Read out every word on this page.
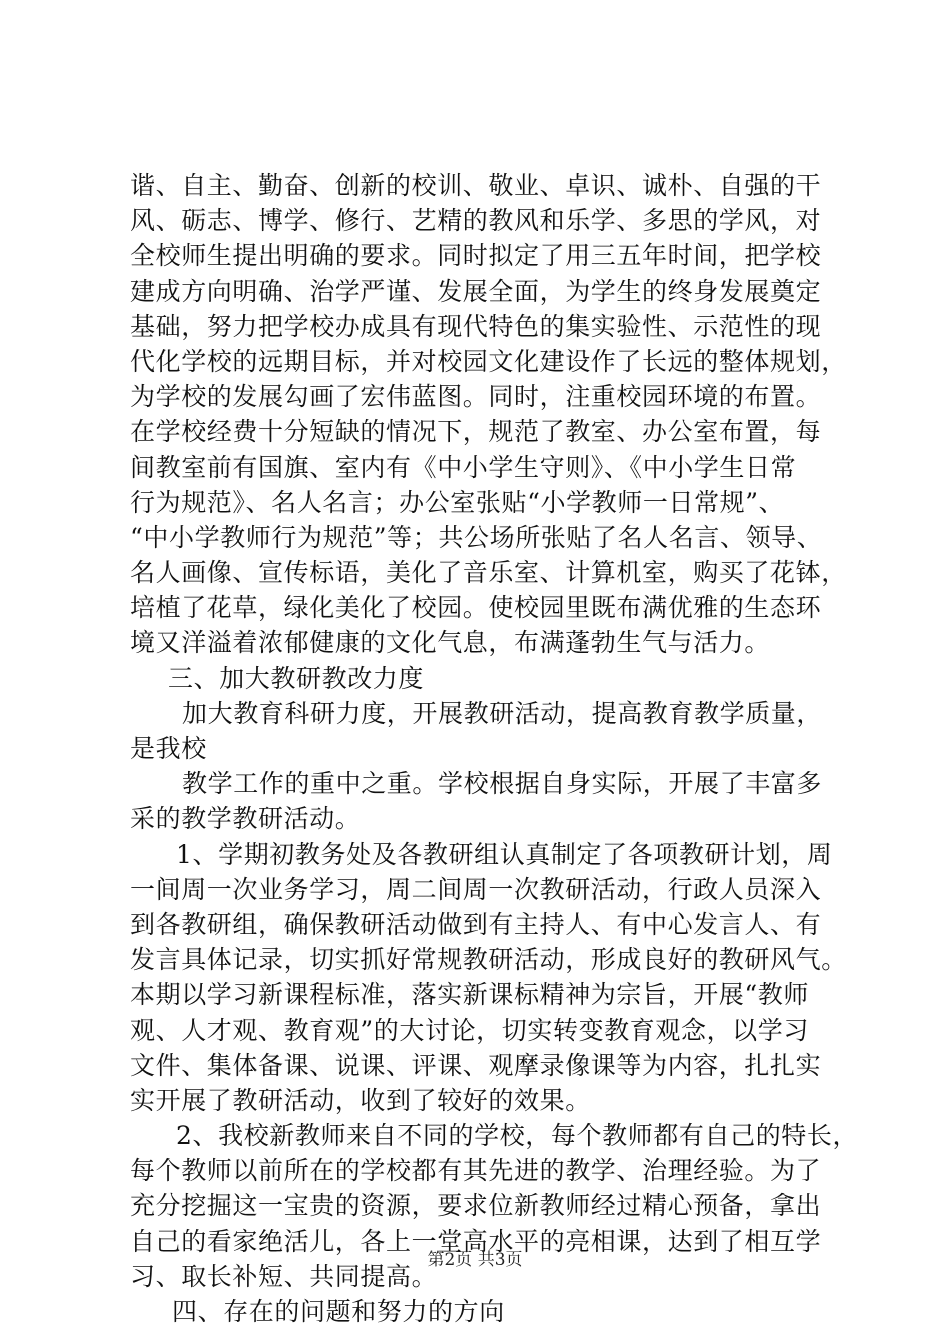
谐、自主、勤奋、创新的校训、敬业、卓识、诚朴、自强的干
风、砺志、博学、修行、艺精的教风和乐学、多思的学风，对
全校师生提出明确的要求。同时拟定了用三五年时间，把学校
建成方向明确、治学严谨、发展全面，为学生的终身发展奠定
基础，努力把学校办成具有现代特色的集实验性、示范性的现
代化学校的远期目标，并对校园文化建设作了长远的整体规划，
为学校的发展勾画了宏伟蓝图。同时，注重校园环境的布置。
在学校经费十分短缺的情况下，规范了教室、办公室布置，每
间教室前有国旗、室内有《中小学生守则》、《中小学生日常
行为规范》、名人名言；办公室张贴“小学教师一日常规”、
“中小学教师行为规范”等；共公场所张贴了名人名言、领导、
名人画像、宣传标语，美化了音乐室、计算机室，购买了花钵，
培植了花草，绿化美化了校园。使校园里既布满优雅的生态环
境又洋溢着浓郁健康的文化气息，布满蓬勃生气与活力。
三、加大教研教改力度
加大教育科研力度，开展教研活动，提高教育教学质量，
是我校
教学工作的重中之重。学校根据自身实际，开展了丰富多
采的教学教研活动。
1、学期初教务处及各教研组认真制定了各项教研计划，周
一间周一次业务学习，周二间周一次教研活动，行政人员深入
到各教研组，确保教研活动做到有主持人、有中心发言人、有
发言具体记录，切实抓好常规教研活动，形成良好的教研风气。
本期以学习新课程标准，落实新课标精神为宗旨，开展“教师
观、人才观、教育观”的大讨论，切实转变教育观念，以学习
文件、集体备课、说课、评课、观摩录像课等为内容，扎扎实
实开展了教研活动，收到了较好的效果。
2、我校新教师来自不同的学校，每个教师都有自己的特长，
每个教师以前所在的学校都有其先进的教学、治理经验。为了
充分挖掘这一宝贵的资源，要求位新教师经过精心预备，拿出
自己的看家绝活儿，各上一堂高水平的亮相课，达到了相互学
习、取长补短、共同提高。
四、存在的问题和努力的方向
第2页 共3页
